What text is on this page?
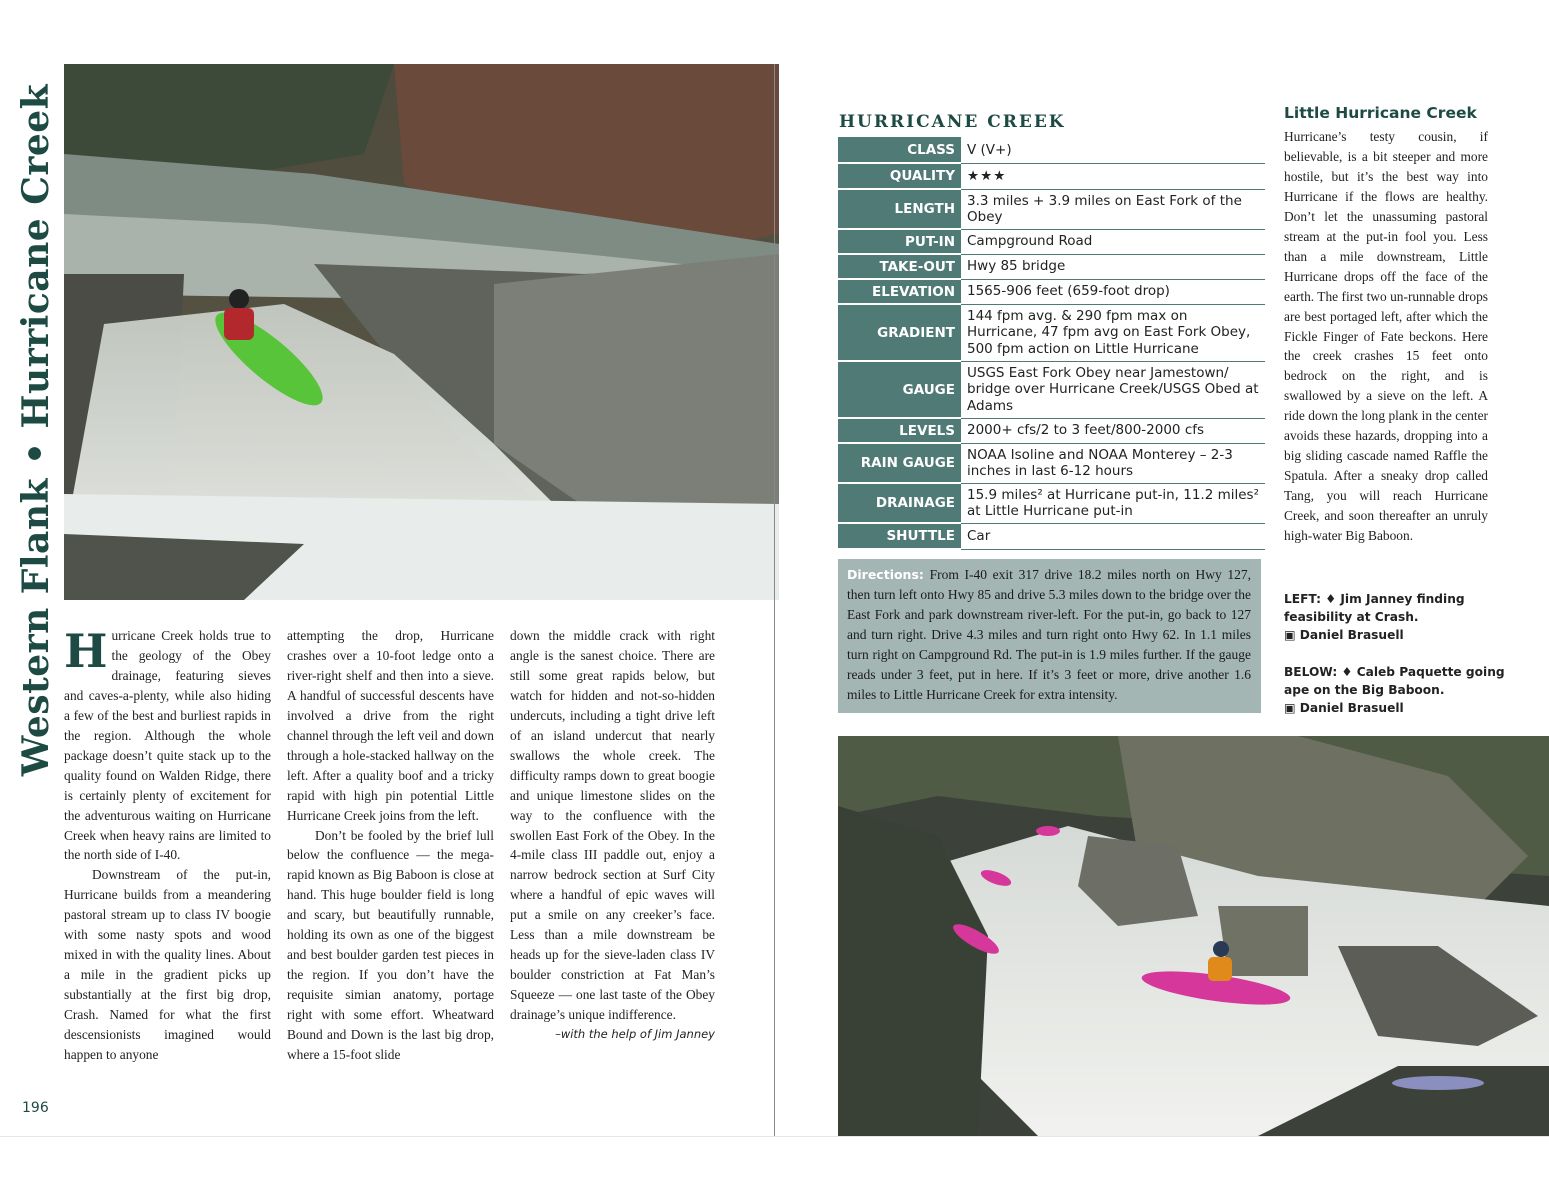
Western Flank • Hurricane Creek Hurricane Creek holds true to the geology of the Obey drainage, featuring sieves and caves-a-plenty, while also hiding a few of the best and burliest rapids in the region. Although the whole package doesn’t quite stack up to the quality found on Walden Ridge, there is certainly plenty of excitement for the adventurous waiting on Hurricane Creek when heavy rains are limited to the north side of I-40.

Downstream of the put-in, Hurricane builds from a meandering pastoral stream up to class IV boogie with some nasty spots and wood mixed in with the quality lines. About a mile in the gradient picks up substantially at the first big drop, Crash. Named for what the first descensionists imagined would happen to anyone

attempting the drop, Hurricane crashes over a 10-foot ledge onto a river-right shelf and then into a sieve. A handful of successful descents have involved a drive from the right channel through the left veil and down through a hole-stacked hallway on the left. After a quality boof and a tricky rapid with high pin potential Little Hurricane Creek joins from the left.

Don’t be fooled by the brief lull below the confluence — the mega-rapid known as Big Baboon is close at hand. This huge boulder field is long and scary, but beautifully runnable, holding its own as one of the biggest and best boulder garden test pieces in the region. If you don’t have the requisite simian anatomy, portage right with some effort. Wheatward Bound and Down is the last big drop, where a 15-foot slide

down the middle crack with right angle is the sanest choice. There are still some great rapids below, but watch for hidden and not-so-hidden undercuts, including a tight drive left of an island undercut that nearly swallows the whole creek. The difficulty ramps down to great boogie and unique limestone slides on the way to the confluence with the swollen East Fork of the Obey. In the 4-mile class III paddle out, enjoy a narrow bedrock section at Surf City where a handful of epic waves will put a smile on any creeker’s face. Less than a mile downstream be heads up for the sieve-laden class IV boulder constriction at Fat Man’s Squeeze — one last taste of the Obey drainage’s unique indifference.

–with the help of Jim Janney

196
HURRICANE CREEK
CLASS	V (V+)
QUALITY	★★★
LENGTH	3.3 miles + 3.9 miles on East Fork of the Obey
PUT-IN	Campground Road
TAKE-OUT	Hwy 85 bridge
ELEVATION	1565-906 feet (659-foot drop)
GRADIENT	144 fpm avg. & 290 fpm max on Hurricane, 47 fpm avg on East Fork Obey, 500 fpm action on Little Hurricane
GAUGE	USGS East Fork Obey near Jamestown/ bridge over Hurricane Creek/USGS Obed at Adams
LEVELS	2000+ cfs/2 to 3 feet/800-2000 cfs
RAIN GAUGE	NOAA Isoline and NOAA Monterey – 2-3 inches in last 6-12 hours
DRAINAGE	15.9 miles² at Hurricane put-in, 11.2 miles² at Little Hurricane put-in
SHUTTLE	Car
Directions: From I-40 exit 317 drive 18.2 miles north on Hwy 127, then turn left onto Hwy 85 and drive 5.3 miles down to the bridge over the East Fork and park downstream river-left. For the put-in, go back to 127 and turn right. Drive 4.3 miles and turn right onto Hwy 62. In 1.1 miles turn right on Campground Rd. The put-in is 1.9 miles further. If the gauge reads under 3 feet, put in here. If it’s 3 feet or more, drive another 1.6 miles to Little Hurricane Creek for extra intensity.
Little Hurricane Creek
Hurricane’s testy cousin, if believable, is a bit steeper and more hostile, but it’s the best way into Hurricane if the flows are healthy. Don’t let the unassuming pastoral stream at the put-in fool you. Less than a mile downstream, Little Hurricane drops off the face of the earth. The first two un-runnable drops are best portaged left, after which the Fickle Finger of Fate beckons. Here the creek crashes 15 feet onto bedrock on the right, and is swallowed by a sieve on the left. A ride down the long plank in the center avoids these hazards, dropping into a big sliding cascade named Raffle the Spatula. After a sneaky drop called Tang, you will reach Hurricane Creek, and soon thereafter an unruly high-water Big Baboon.
LEFT: ♦ Jim Janney finding feasibility at Crash.
▣ Daniel Brasuell
BELOW: ♦ Caleb Paquette going ape on the Big Baboon.
▣ Daniel Brasuell
